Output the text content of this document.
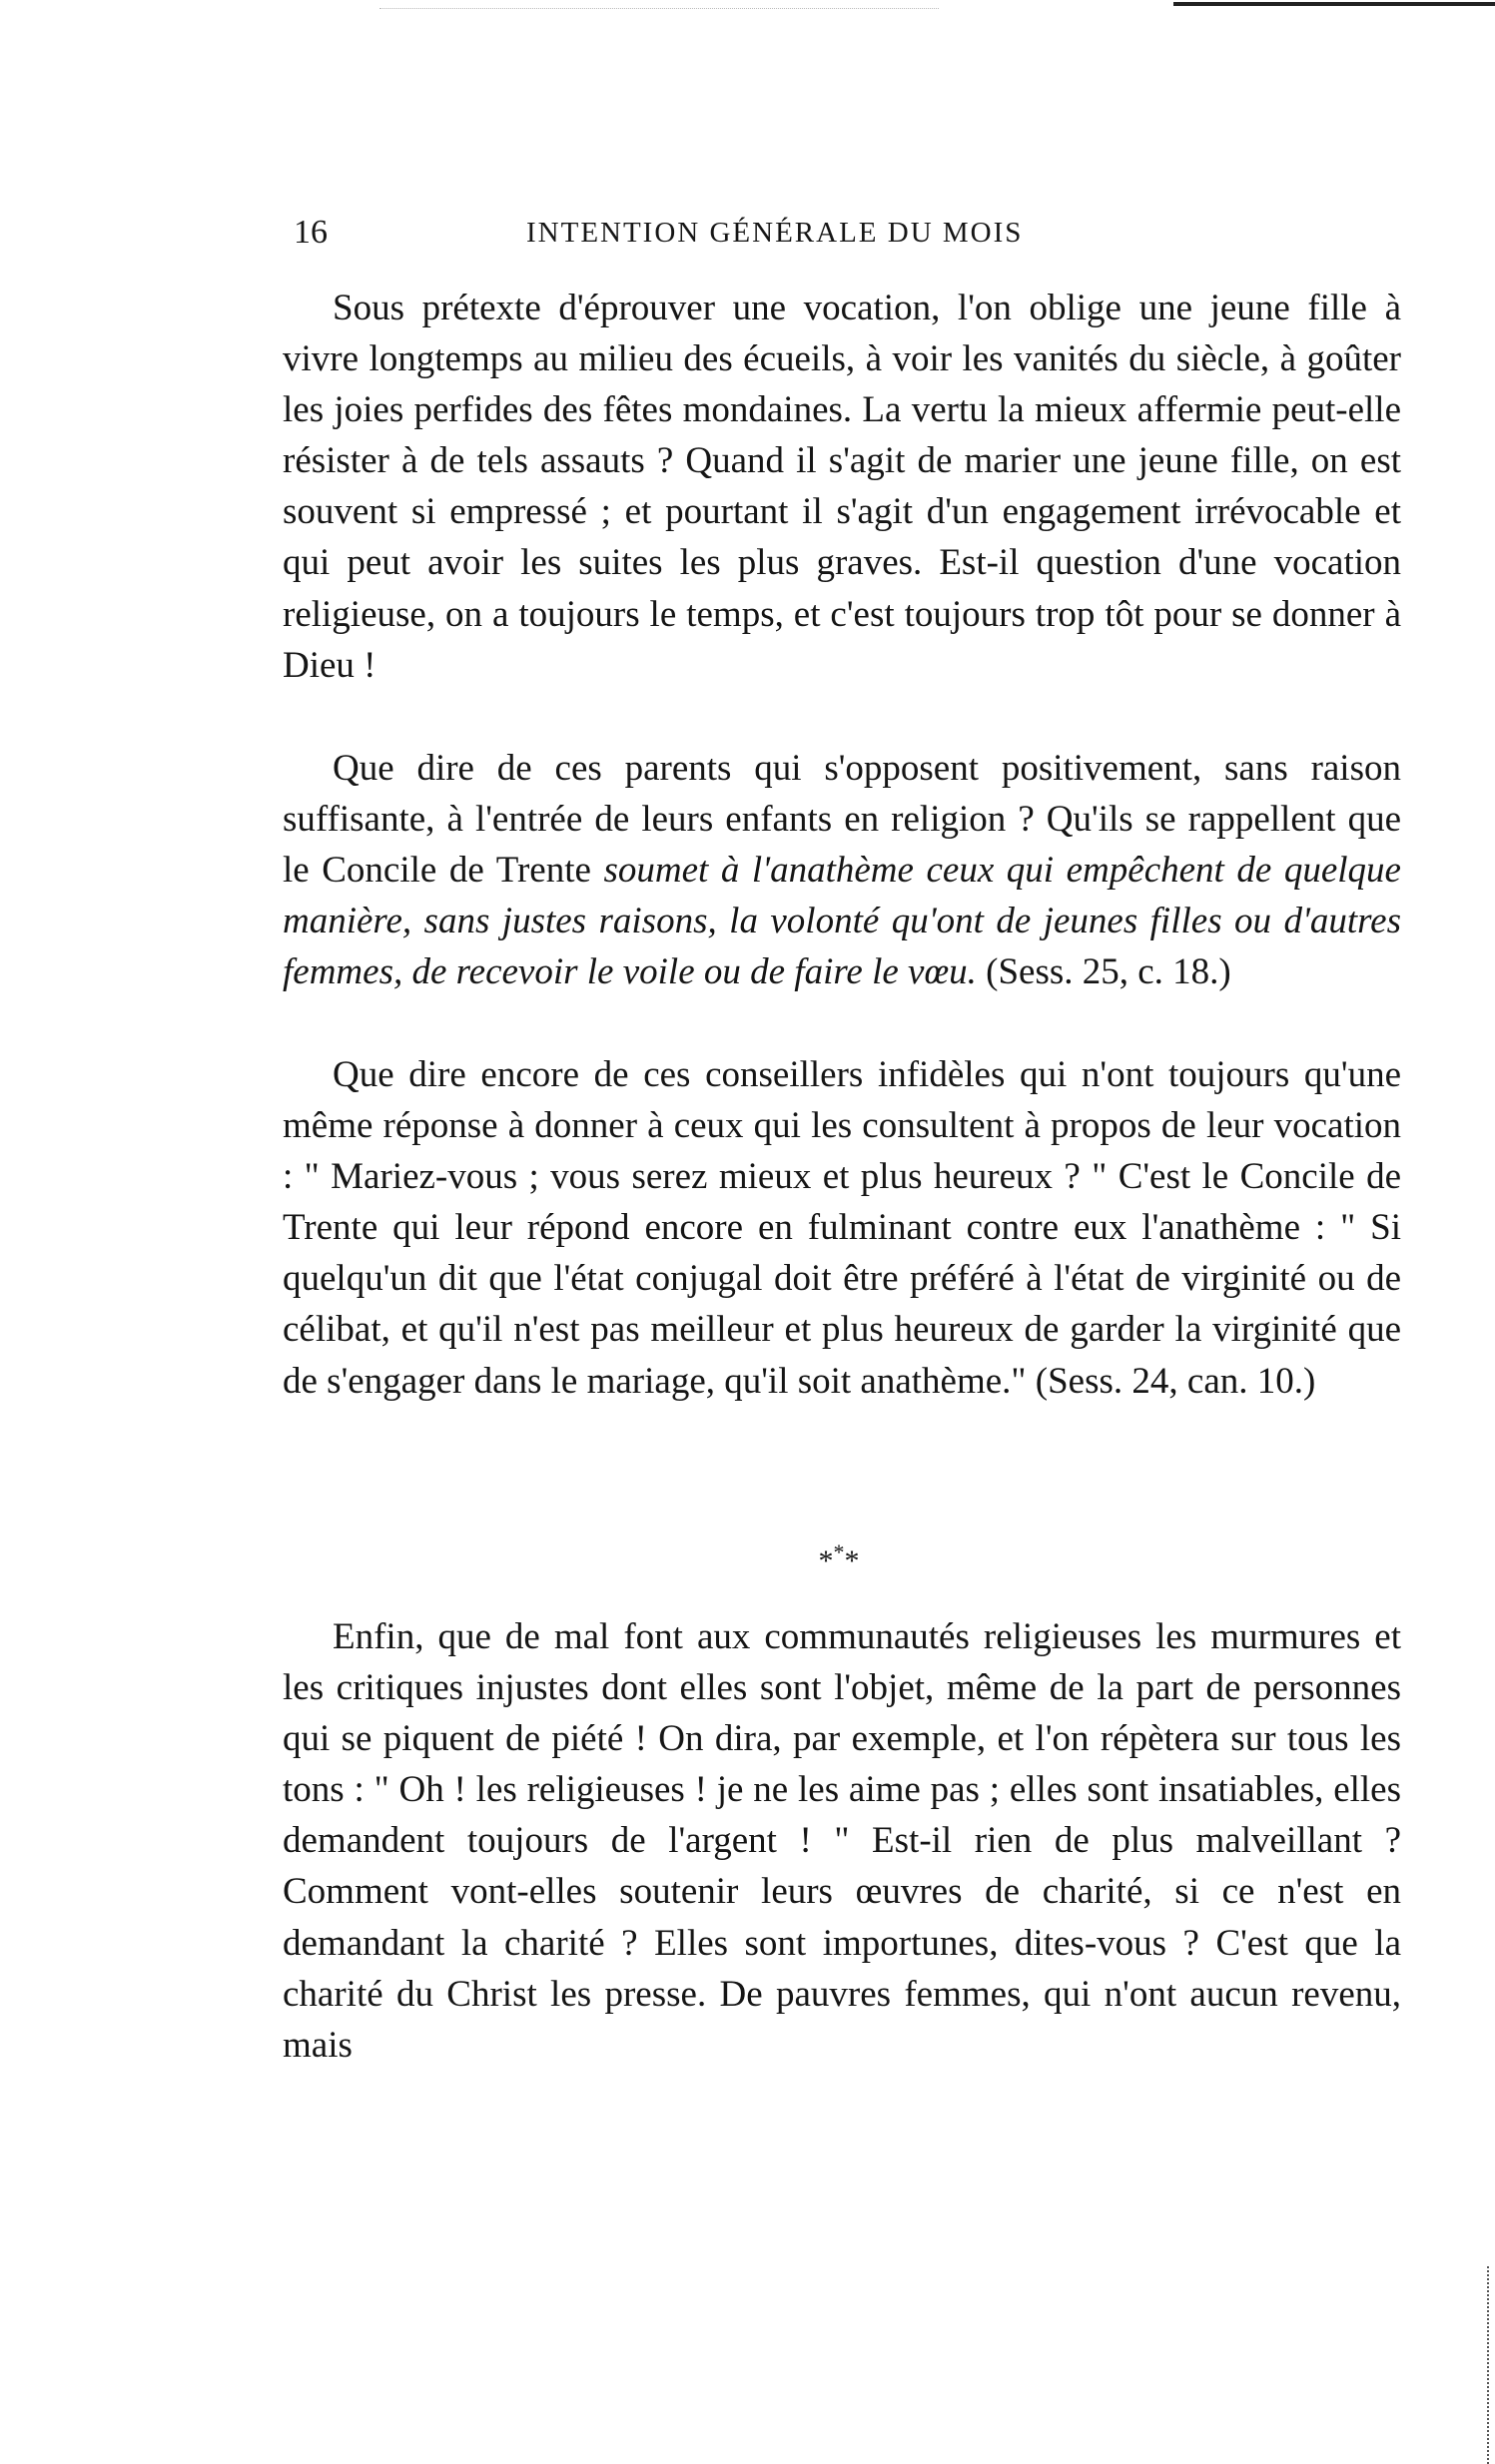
16	INTENTION GÉNÉRALE DU MOIS

Sous prétexte d'éprouver une vocation, l'on oblige une jeune fille à vivre longtemps au milieu des écueils, à voir les vanités du siècle, à goûter les joies perfides des fêtes mondaines. La vertu la mieux affermie peut-elle résister à de tels assauts ? Quand il s'agit de marier une jeune fille, on est souvent si empressé ; et pourtant il s'agit d'un engagement irrévocable et qui peut avoir les suites les plus graves. Est-il question d'une vocation religieuse, on a toujours le temps, et c'est toujours trop tôt pour se donner à Dieu !

Que dire de ces parents qui s'opposent positivement, sans raison suffisante, à l'entrée de leurs enfants en religion ? Qu'ils se rappellent que le Concile de Trente soumet à l'anathème ceux qui empêchent de quelque manière, sans justes raisons, la volonté qu'ont de jeunes filles ou d'autres femmes, de recevoir le voile ou de faire le vœu. (Sess. 25, c. 18.)

Que dire encore de ces conseillers infidèles qui n'ont toujours qu'une même réponse à donner à ceux qui les consultent à propos de leur vocation : " Mariez-vous ; vous serez mieux et plus heureux ? " C'est le Concile de Trente qui leur répond encore en fulminant contre eux l'anathème : " Si quelqu'un dit que l'état conjugal doit être préféré à l'état de virginité ou de célibat, et qu'il n'est pas meilleur et plus heureux de garder la virginité que de s'engager dans le mariage, qu'il soit anathème." (Sess. 24, can. 10.)

***

Enfin, que de mal font aux communautés religieuses les murmures et les critiques injustes dont elles sont l'objet, même de la part de personnes qui se piquent de piété ! On dira, par exemple, et l'on répètera sur tous les tons : " Oh ! les religieuses ! je ne les aime pas ; elles sont insatiables, elles demandent toujours de l'argent ! " Est-il rien de plus malveillant ? Comment vont-elles soutenir leurs œuvres de charité, si ce n'est en demandant la charité ? Elles sont importunes, dites-vous ? C'est que la charité du Christ les presse. De pauvres femmes, qui n'ont aucun revenu, mais
